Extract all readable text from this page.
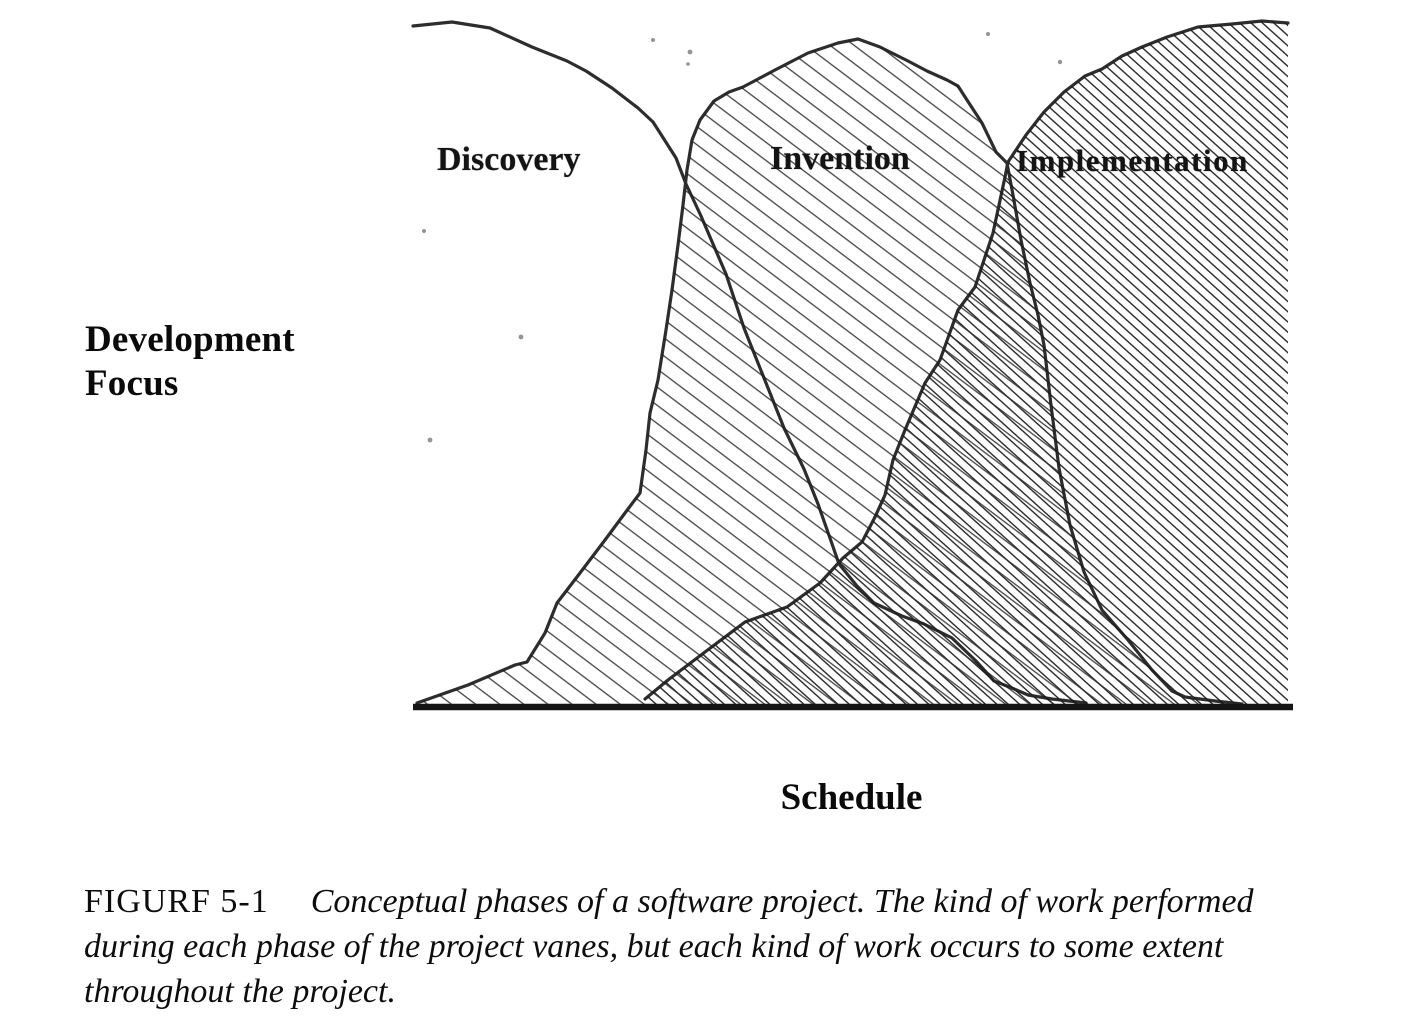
Development
Focus
Discovery	Invention	Implementation
Schedule
FIGURF 5-1 Conceptual phases of a software project. The kind of work performed
during each phase of the project vanes, but each kind of work occurs to some extent
throughout the project.
